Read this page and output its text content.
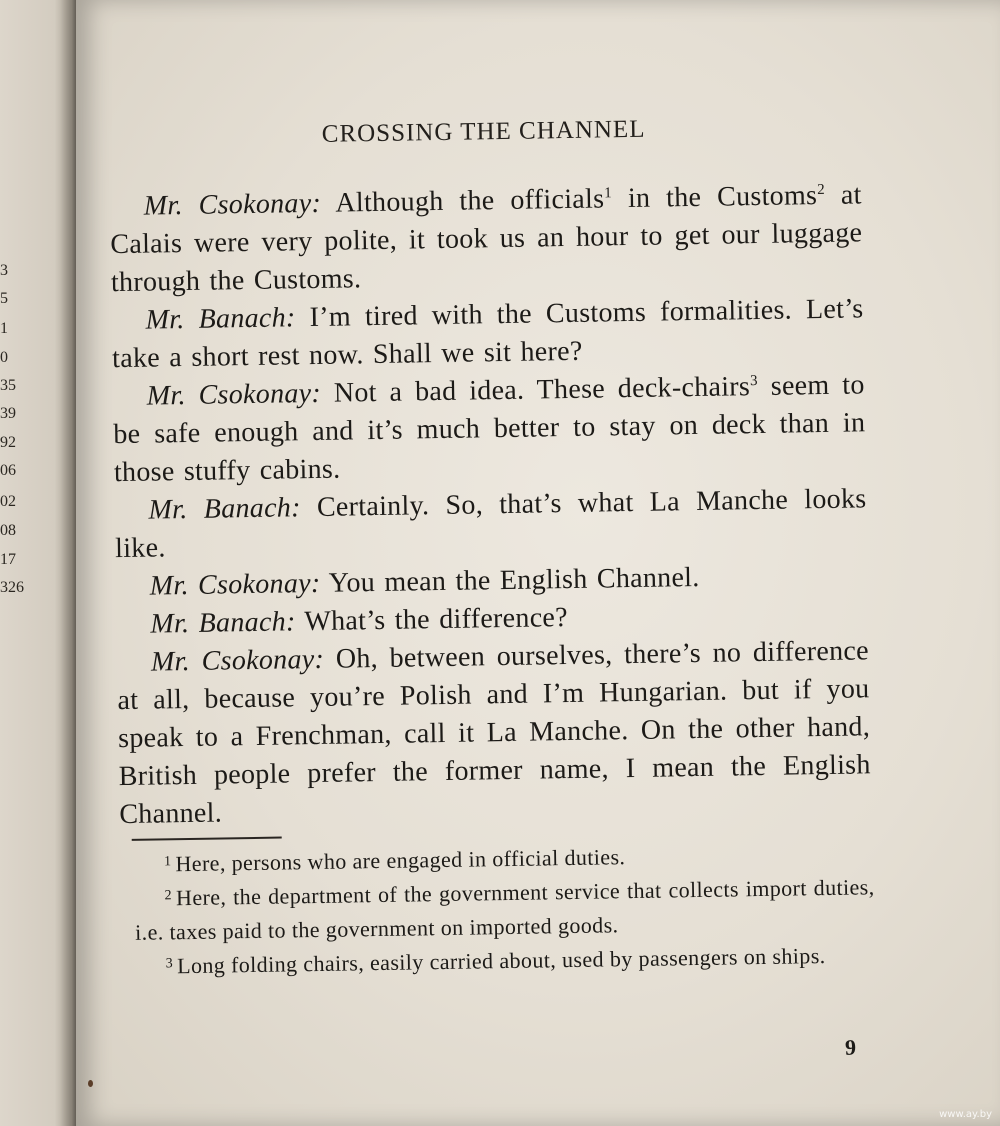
3
5
1
0
35
39
92
06
02
08
17
326
CROSSING THE CHANNEL

Mr. Csokonay: Although the officials$^1$ in the Customs$^2$ at Calais were very polite, it took us an hour to get our luggage through the Customs.

Mr. Banach: I’m tired with the Customs formalities. Let’s take a short rest now. Shall we sit here?

Mr. Csokonay: Not a bad idea. These deck-chairs$^3$ seem to be safe enough and it’s much better to stay on deck than in those stuffy cabins.

Mr. Banach: Certainly. So, that’s what La Manche looks like.

Mr. Csokonay: You mean the English Channel.

Mr. Banach: What’s the difference?

Mr. Csokonay: Oh, between ourselves, there’s no difference at all, because you’re Polish and I’m Hungarian. but if you speak to a Frenchman, call it La Manche. On the other hand, British people prefer the former name, I mean the English Channel.

$^1$ Here, persons who are engaged in official duties.

$^2$ Here, the department of the government service that collects import duties, i.e. taxes paid to the government on imported goods.

$^3$ Long folding chairs, easily carried about, used by passengers on ships.

9
www.ay.by
